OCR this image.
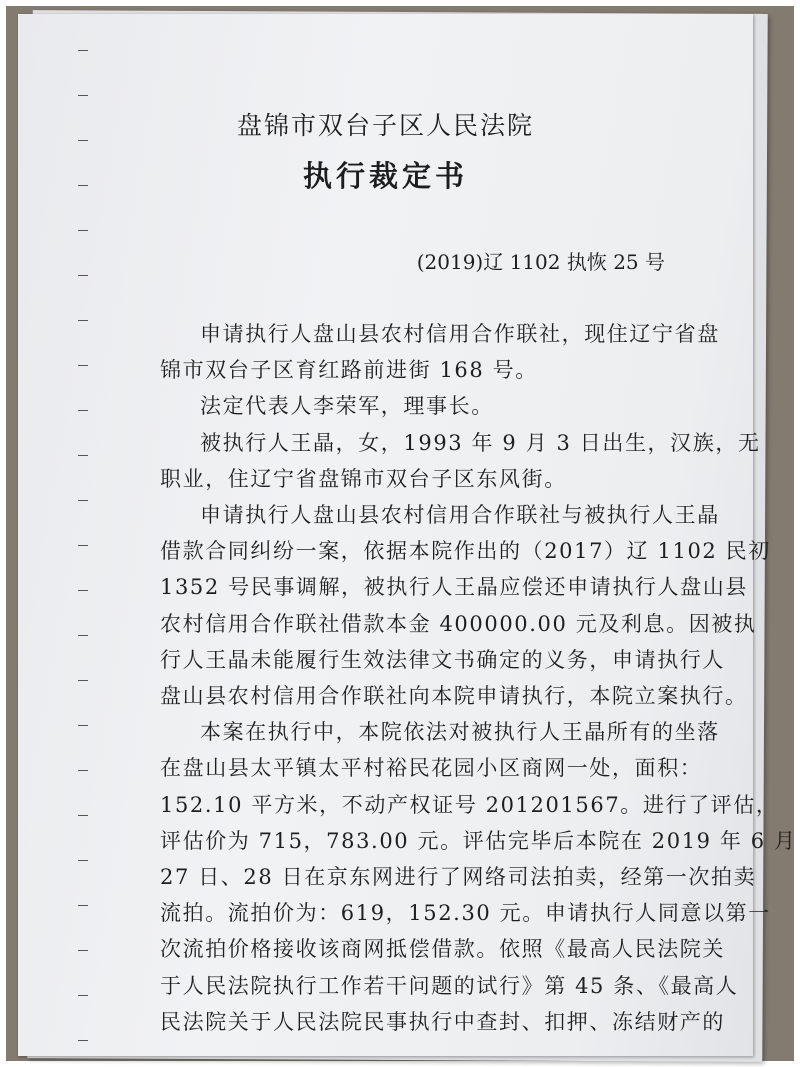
盘锦市双台子区人民法院
执行裁定书
(2019)辽 1102 执恢 25 号
申请执行人盘山县农村信用合作联社，现住辽宁省盘
锦市双台子区育红路前进街 168 号。
法定代表人李荣军，理事长。
被执行人王晶，女，1993 年 9 月 3 日出生，汉族，无
职业，住辽宁省盘锦市双台子区东风街。
申请执行人盘山县农村信用合作联社与被执行人王晶
借款合同纠纷一案，依据本院作出的（2017）辽 1102 民初
1352 号民事调解，被执行人王晶应偿还申请执行人盘山县
农村信用合作联社借款本金 400000.00 元及利息。因被执
行人王晶未能履行生效法律文书确定的义务，申请执行人
盘山县农村信用合作联社向本院申请执行，本院立案执行。
本案在执行中，本院依法对被执行人王晶所有的坐落
在盘山县太平镇太平村裕民花园小区商网一处，面积：
152.10 平方米，不动产权证号 201201567。进行了评估，
评估价为 715，783.00 元。评估完毕后本院在 2019 年 6 月
27 日、28 日在京东网进行了网络司法拍卖，经第一次拍卖
流拍。流拍价为：619，152.30 元。申请执行人同意以第一
次流拍价格接收该商网抵偿借款。依照《最高人民法院关
于人民法院执行工作若干问题的试行》第 45 条、《最高人
民法院关于人民法院民事执行中查封、扣押、冻结财产的
